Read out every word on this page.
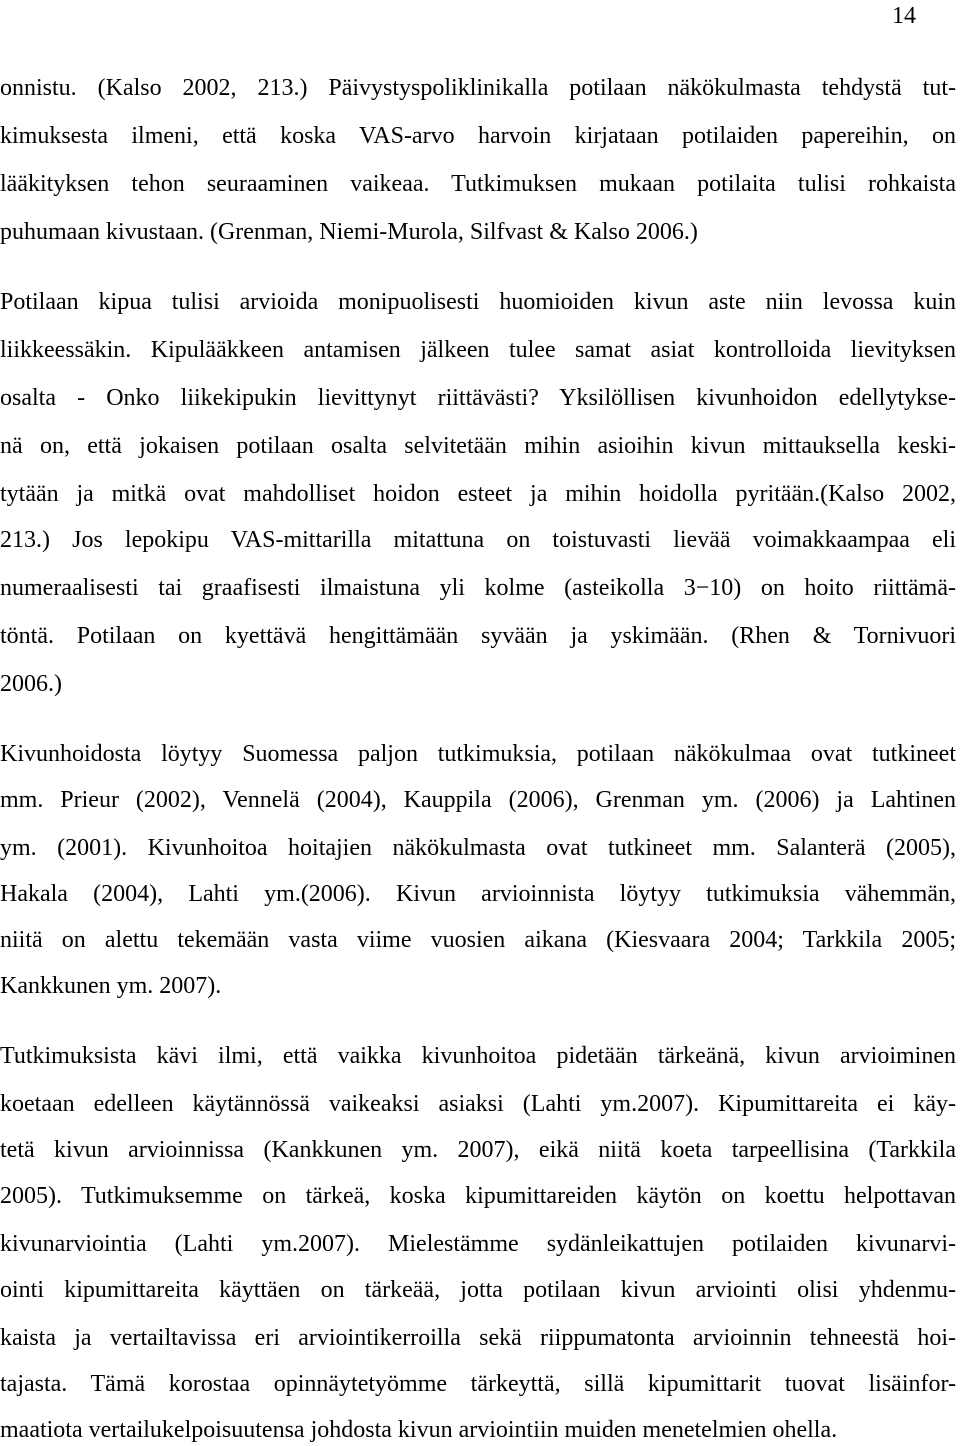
14
onnistu. (Kalso 2002, 213.) Päivystyspoliklinikalla potilaan näkökulmasta tehdystä tut-
kimuksesta ilmeni, että koska VAS-arvo harvoin kirjataan potilaiden papereihin, on
lääkityksen tehon seuraaminen vaikeaa. Tutkimuksen mukaan potilaita tulisi rohkaista
puhumaan kivustaan. (Grenman, Niemi-Murola, Silfvast & Kalso 2006.)
Potilaan kipua tulisi arvioida monipuolisesti huomioiden kivun aste niin levossa kuin
liikkeessäkin. Kipulääkkeen antamisen jälkeen tulee samat asiat kontrolloida lievityksen
osalta - Onko liikekipukin lievittynyt riittävästi? Yksilöllisen kivunhoidon edellytykse-
nä on, että jokaisen potilaan osalta selvitetään mihin asioihin kivun mittauksella keski-
tytään ja mitkä ovat mahdolliset hoidon esteet ja mihin hoidolla pyritään.(Kalso 2002,
213.) Jos lepokipu VAS-mittarilla mitattuna on toistuvasti lievää voimakkaampaa eli
numeraalisesti tai graafisesti ilmaistuna yli kolme (asteikolla 3−10) on hoito riittämä-
töntä. Potilaan on kyettävä hengittämään syvään ja yskimään. (Rhen & Tornivuori
2006.)
Kivunhoidosta löytyy Suomessa paljon tutkimuksia, potilaan näkökulmaa ovat tutkineet
mm. Prieur (2002), Vennelä (2004), Kauppila (2006), Grenman ym. (2006) ja Lahtinen
ym. (2001). Kivunhoitoa hoitajien näkökulmasta ovat tutkineet mm. Salanterä (2005),
Hakala (2004), Lahti ym.(2006). Kivun arvioinnista löytyy tutkimuksia vähemmän,
niitä on alettu tekemään vasta viime vuosien aikana (Kiesvaara 2004; Tarkkila 2005;
Kankkunen ym. 2007).
Tutkimuksista kävi ilmi, että vaikka kivunhoitoa pidetään tärkeänä, kivun arvioiminen
koetaan edelleen käytännössä vaikeaksi asiaksi (Lahti ym.2007). Kipumittareita ei käy-
tetä kivun arvioinnissa (Kankkunen ym. 2007), eikä niitä koeta tarpeellisina (Tarkkila
2005). Tutkimuksemme on tärkeä, koska kipumittareiden käytön on koettu helpottavan
kivunarviointia (Lahti ym.2007). Mielestämme sydänleikattujen potilaiden kivunarvi-
ointi kipumittareita käyttäen on tärkeää, jotta potilaan kivun arviointi olisi yhdenmu-
kaista ja vertailtavissa eri arviointikerroilla sekä riippumatonta arvioinnin tehneestä hoi-
tajasta. Tämä korostaa opinnäytetyömme tärkeyttä, sillä kipumittarit tuovat lisäinfor-
maatiota vertailukelpoisuutensa johdosta kivun arviointiin muiden menetelmien ohella.
